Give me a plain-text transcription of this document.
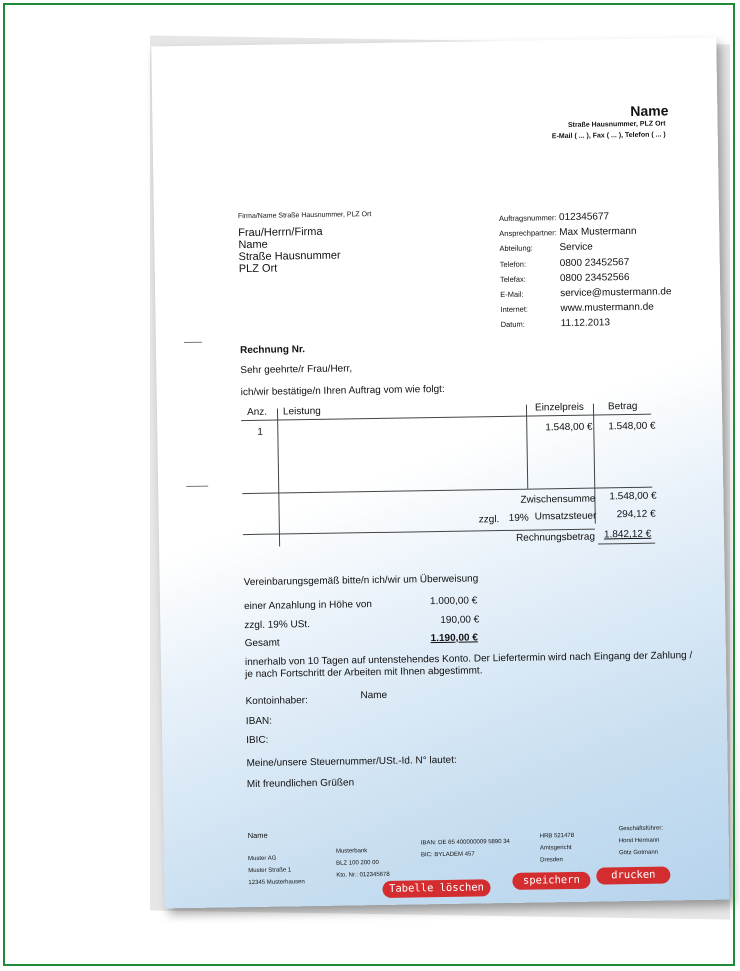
Name
Straße Hausnummer, PLZ Ort
E-Mail ( ... ), Fax ( ... ), Telefon ( ... )
Firma/Name Straße Hausnummer, PLZ Ort
Frau/Herrn/Firma
Name
Straße Hausnummer
PLZ Ort
Auftragsnummer: 012345677
Ansprechpartner: Max Mustermann
Abteilung:	Service
Telefon:	0800 23452567
Telefax:	0800 23452566
E-Mail:	service@mustermann.de
Internet:	www.mustermann.de
Datum:	11.12.2013
Rechnung Nr.
Sehr geehrte/r Frau/Herr,
ich/wir bestätige/n Ihren Auftrag vom wie folgt:
Anz. Leistung	Einzelpreis Betrag
1	1.548,00 € 1.548,00 €
Zwischensumme 1.548,00 €
zzgl. 19% Umsatzsteuer 294,12 €
Rechnungsbetrag 1.842,12 €
Vereinbarungsgemäß bitte/n ich/wir um Überweisung
einer Anzahlung in Höhe von	1.000,00 €
zzgl. 19% USt.	190,00 €
Gesamt	1.190,00 €
innerhalb von 10 Tagen auf untenstehendes Konto. Der Liefertermin wird nach Eingang der Zahlung /
je nach Fortschritt der Arbeiten mit Ihnen abgestimmt.
Kontoinhaber:	Name
IBAN:
IBIC:
Meine/unsere Steuernummer/USt.-Id. N° lautet:
Mit freundlichen Grüßen
Name
Muster AG
Muster Straße 1
12345 Musterhausen
Musterbank
BLZ 100 200 00
Kto. Nr.: 012345678
IBAN: DE 65 400000009 5890 34
BIC: BYLADEM 457
HRB 521478
Amtsgericht
Dresden
Geschäftsführer:
Horst Hermann
Götz Gotmann
Tabelle löschen
speichern	drucken
